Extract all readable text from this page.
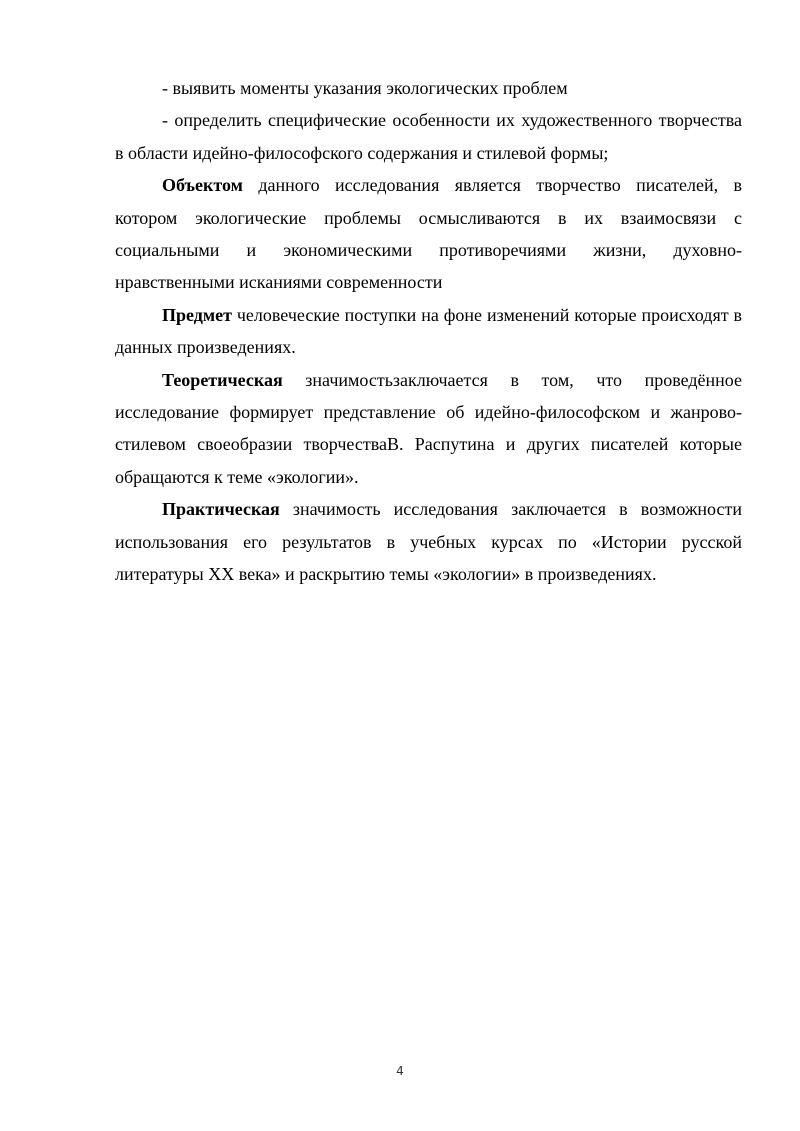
- выявить моменты указания экологических проблем

- определить специфические особенности их художественного творчества в области идейно-философского содержания и стилевой формы;

Объектом данного исследования является творчество писателей, в котором экологические проблемы осмысливаются в их взаимосвязи с социальными и экономическими противоречиями жизни, духовно-нравственными исканиями современности

Предмет человеческие поступки на фоне изменений которые происходят в данных произведениях.

Теоретическая значимостьзаключается в том, что проведённое исследование формирует представление об идейно-философском и жанрово-стилевом своеобразии творчестваВ. Распутина и других писателей которые обращаются к теме «экологии».

Практическая значимость исследования заключается в возможности использования его результатов в учебных курсах по «Истории русской литературы XX века» и раскрытию темы «экологии» в произведениях.

4
